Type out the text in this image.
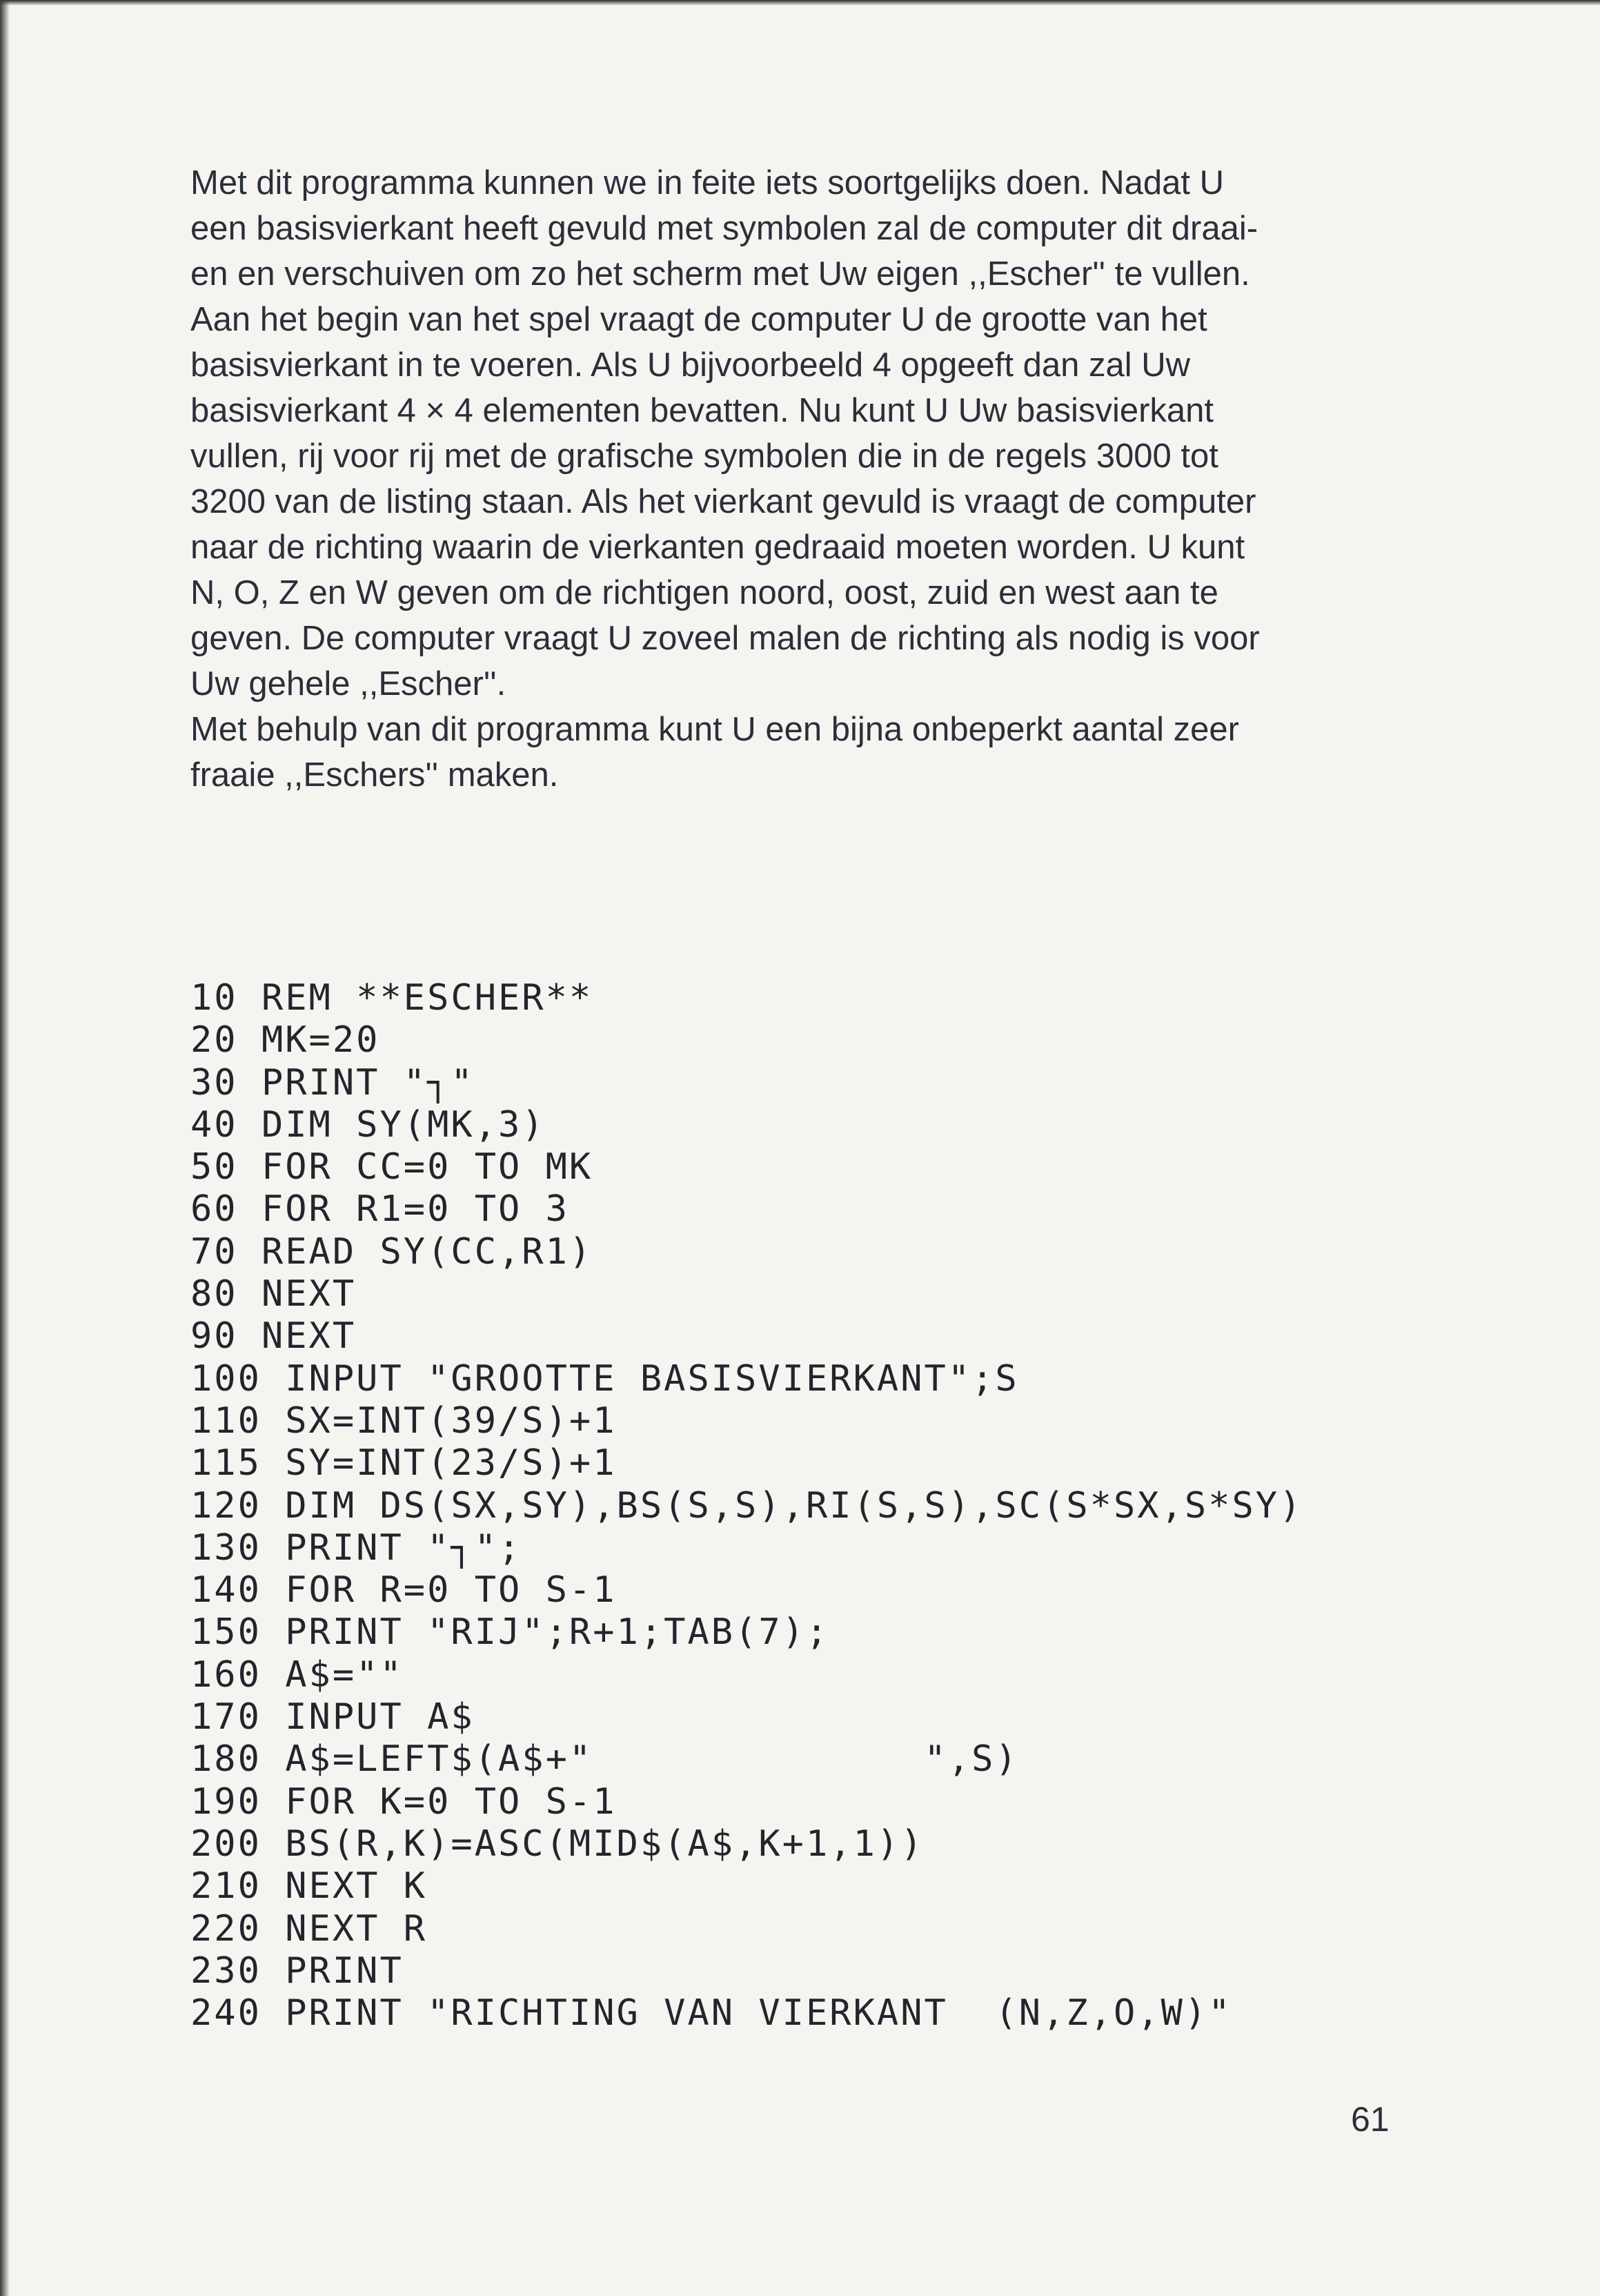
Met dit programma kunnen we in feite iets soortgelijks doen. Nadat U
een basisvierkant heeft gevuld met symbolen zal de computer dit draai-
en en verschuiven om zo het scherm met Uw eigen ,,Escher'' te vullen.
Aan het begin van het spel vraagt de computer U de grootte van het
basisvierkant in te voeren. Als U bijvoorbeeld 4 opgeeft dan zal Uw
basisvierkant 4 × 4 elementen bevatten. Nu kunt U Uw basisvierkant
vullen, rij voor rij met de grafische symbolen die in de regels 3000 tot
3200 van de listing staan. Als het vierkant gevuld is vraagt de computer
naar de richting waarin de vierkanten gedraaid moeten worden. U kunt
N, O, Z en W geven om de richtigen noord, oost, zuid en west aan te
geven. De computer vraagt U zoveel malen de richting als nodig is voor
Uw gehele ,,Escher''.

Met behulp van dit programma kunt U een bijna onbeperkt aantal zeer
fraaie ,,Eschers'' maken.

10 REM **ESCHER**
20 MK=20
30 PRINT "┐"
40 DIM SY(MK,3)
50 FOR CC=0 TO MK
60 FOR R1=0 TO 3
70 READ SY(CC,R1)
80 NEXT
90 NEXT
100 INPUT "GROOTTE BASISVIERKANT";S
110 SX=INT(39/S)+1
115 SY=INT(23/S)+1
120 DIM DS(SX,SY),BS(S,S),RI(S,S),SC(S*SX,S*SY)
130 PRINT "┐";
140 FOR R=0 TO S-1
150 PRINT "RIJ";R+1;TAB(7);
160 A$=""
170 INPUT A$
180 A$=LEFT$(A$+"              ",S)
190 FOR K=0 TO S-1
200 BS(R,K)=ASC(MID$(A$,K+1,1))
210 NEXT K
220 NEXT R
230 PRINT
240 PRINT "RICHTING VAN VIERKANT  (N,Z,O,W)"
61
